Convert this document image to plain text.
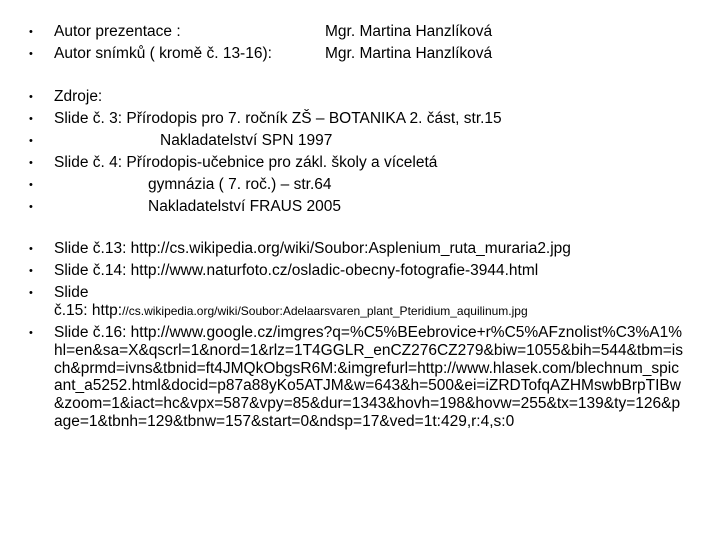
• Autor prezentace :	Mgr. Martina Hanzlíková
• Autor snímků ( kromě č. 13-16):	Mgr. Martina Hanzlíková
• Zdroje:
• Slide č. 3: Přírodopis pro 7. ročník ZŠ – BOTANIKA 2. část, str.15
•	Nakladatelství SPN 1997
• Slide č. 4: Přírodopis-učebnice pro zákl. školy a víceletá
•	gymnázia ( 7. roč.) – str.64
•	Nakladatelství FRAUS 2005
• Slide č.13: http://cs.wikipedia.org/wiki/Soubor:Asplenium_ruta_muraria2.jpg
• Slide č.14: http://www.naturfoto.cz/osladic-obecny-fotografie-3944.html
• Slide
č.15: http://cs.wikipedia.org/wiki/Soubor:Adelaarsvaren_plant_Pteridium_aquilinum.jpg
• Slide č.16: http://www.google.cz/imgres?q=%C5%BEebrovice+r%C5%AFznolist%C3%A1%hl=en&sa=X&qscrl=1&nord=1&rlz=1T4GGLR_enCZ276CZ279&biw=1055&bih=544&tbm=isch&prmd=ivns&tbnid=ft4JMQkObgsR6M:&imgrefurl=http://www.hlasek.com/blechnum_spicant_a5252.html&docid=p87a88yKo5ATJM&w=643&h=500&ei=iZRDTofqAZHMswbBrpTIBw&zoom=1&iact=hc&vpx=587&vpy=85&dur=1343&hovh=198&hovw=255&tx=139&ty=126&page=1&tbnh=129&tbnw=157&start=0&ndsp=17&ved=1t:429,r:4,s:0
